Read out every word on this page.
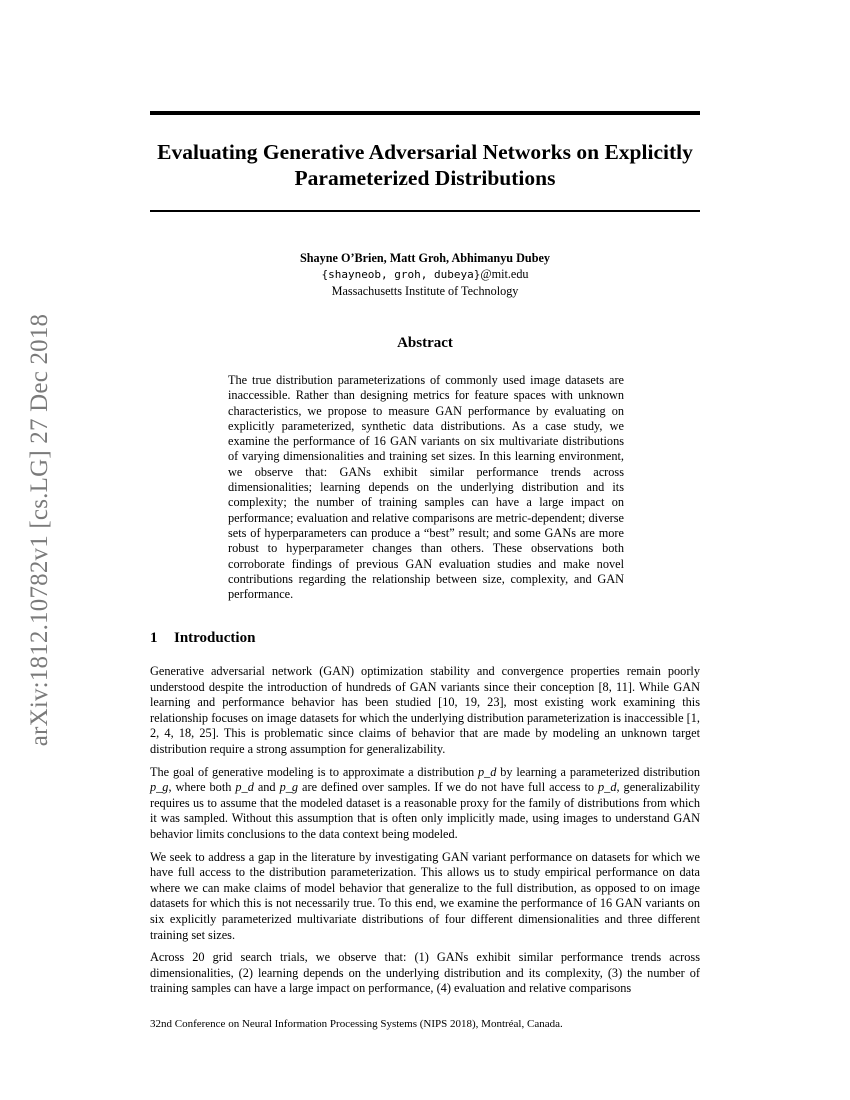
Evaluating Generative Adversarial Networks on Explicitly Parameterized Distributions
Shayne O’Brien, Matt Groh, Abhimanyu Dubey
{shayneob, groh, dubeya}@mit.edu
Massachusetts Institute of Technology
arXiv:1812.10782v1 [cs.LG] 27 Dec 2018	Abstract
The true distribution parameterizations of commonly used image datasets are inaccessible. Rather than designing metrics for feature spaces with unknown characteristics, we propose to measure GAN performance by evaluating on explicitly parameterized, synthetic data distributions. As a case study, we examine the performance of 16 GAN variants on six multivariate distributions of varying dimensionalities and training set sizes. In this learning environment, we observe that: GANs exhibit similar performance trends across dimensionalities; learning depends on the underlying distribution and its complexity; the number of training samples can have a large impact on performance; evaluation and relative comparisons are metric-dependent; diverse sets of hyperparameters can produce a “best” result; and some GANs are more robust to hyperparameter changes than others. These observations both corroborate findings of previous GAN evaluation studies and make novel contributions regarding the relationship between size, complexity, and GAN performance.
1 Introduction

Generative adversarial network (GAN) optimization stability and convergence properties remain poorly understood despite the introduction of hundreds of GAN variants since their conception [8, 11]. While GAN learning and performance behavior has been studied [10, 19, 23], most existing work examining this relationship focuses on image datasets for which the underlying distribution parameterization is inaccessible [1, 2, 4, 18, 25]. This is problematic since claims of behavior that are made by modeling an unknown target distribution require a strong assumption for generalizability.

The goal of generative modeling is to approximate a distribution p_d by learning a parameterized distribution p_g, where both p_d and p_g are defined over samples. If we do not have full access to p_d, generalizability requires us to assume that the modeled dataset is a reasonable proxy for the family of distributions from which it was sampled. Without this assumption that is often only implicitly made, using images to understand GAN behavior limits conclusions to the data context being modeled.

We seek to address a gap in the literature by investigating GAN variant performance on datasets for which we have full access to the distribution parameterization. This allows us to study empirical performance on data where we can make claims of model behavior that generalize to the full distribution, as opposed to on image datasets for which this is not necessarily true. To this end, we examine the performance of 16 GAN variants on six explicitly parameterized multivariate distributions of four different dimensionalities and three different training set sizes.

Across 20 grid search trials, we observe that: (1) GANs exhibit similar performance trends across dimensionalities, (2) learning depends on the underlying distribution and its complexity, (3) the number of training samples can have a large impact on performance, (4) evaluation and relative comparisons

32nd Conference on Neural Information Processing Systems (NIPS 2018), Montréal, Canada.
